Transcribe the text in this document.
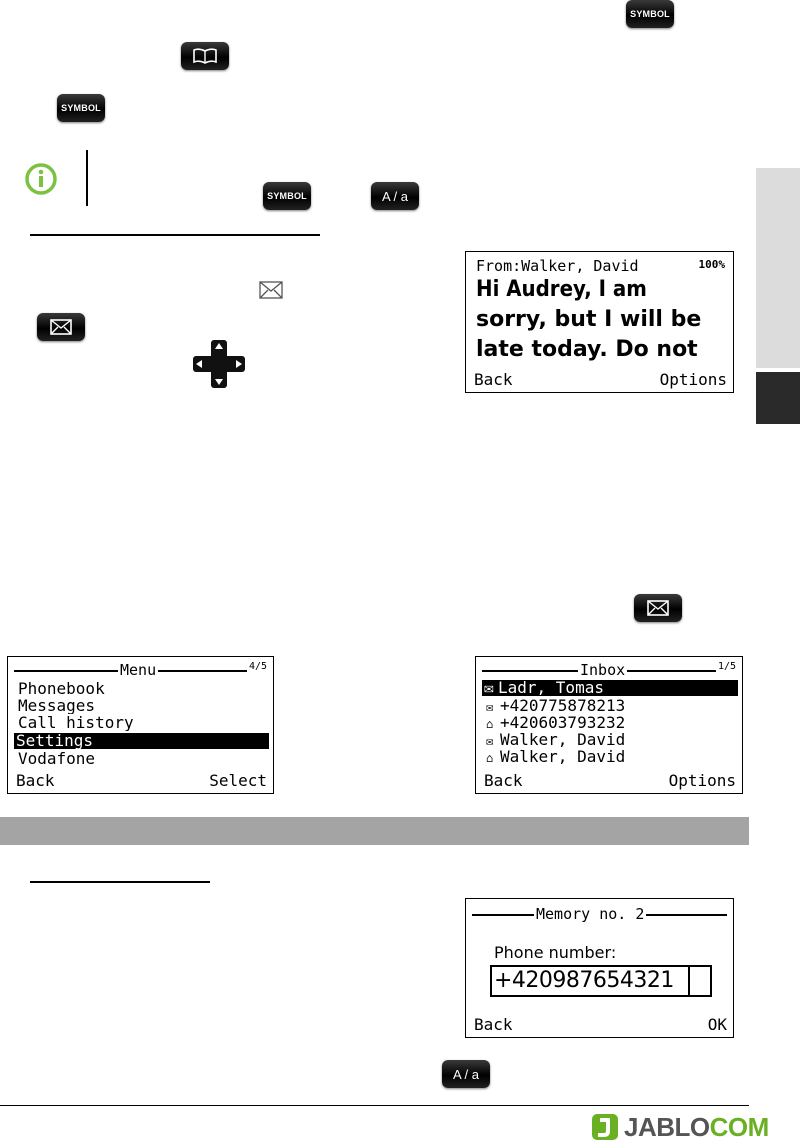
SYMBOL
SYMBOL
SYMBOL	A / a
From:Walker, David	100%
Hi Audrey, I am
sorry, but I will be
late today. Do not
Back	Options
Menu	4/5
Phonebook
Messages
Call history
Settings
Vodafone
Back	Select
Inbox	1/5
✉ Ladr, Tomas
✉ +420775878213
⌂ +420603793232
✉ Walker, David
⌂ Walker, David
Back	Options
Memory no. 2
Phone number:
+420987654321
Back	OK
A / a
JABLOCOM
